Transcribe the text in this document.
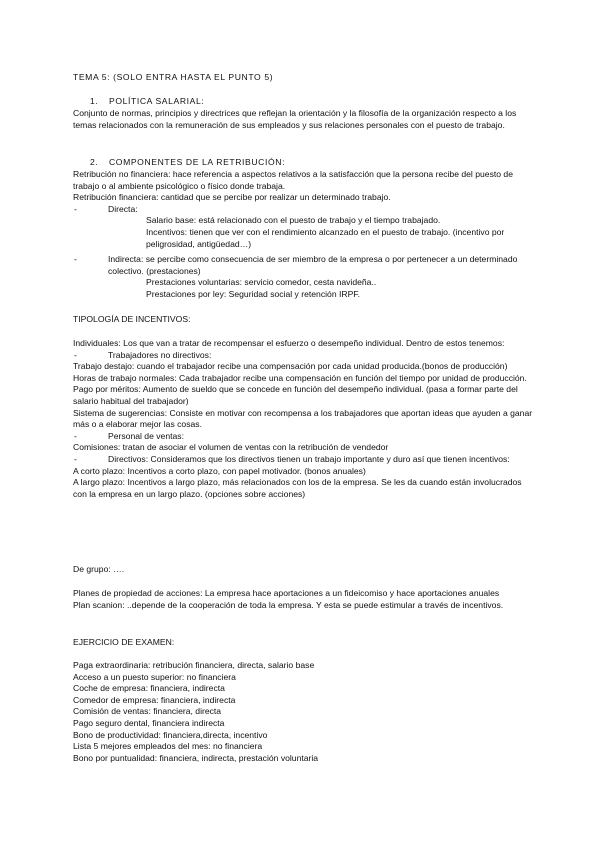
TEMA 5: (SOLO ENTRA HASTA EL PUNTO 5)
1. POLÍTICA SALARIAL:
Conjunto de normas, principios y directrices que reflejan la orientación y la filosofía de la organización respecto a los temas relacionados con la remuneración de sus empleados y sus relaciones personales con el puesto de trabajo.
2. COMPONENTES DE LA RETRIBUCIÓN:

Retribución no financiera: hace referencia a aspectos relativos a la satisfacción que la persona recibe del puesto de trabajo o al ambiente psicológico o físico donde trabaja.

Retribución financiera: cantidad que se percibe por realizar un determinado trabajo.

-	Directa:
Salario base: está relacionado con el puesto de trabajo y el tiempo trabajado.
Incentivos: tienen que ver con el rendimiento alcanzado en el puesto de trabajo. (incentivo por peligrosidad, antigüedad…)
-	Indirecta: se percibe como consecuencia de ser miembro de la empresa o por pertenecer a un determinado colectivo. (prestaciones)
Prestaciones voluntarias: servicio comedor, cesta navideña..
Prestaciones por ley: Seguridad social y retención IRPF.
TIPOLOGÍA DE INCENTIVOS:

Individuales: Los que van a tratar de recompensar el esfuerzo o desempeño individual. Dentro de estos tenemos:

-	Trabajadores no directivos:

Trabajo destajo: cuando el trabajador recibe una compensación por cada unidad producida.(bonos de producción)

Horas de trabajo normales: Cada trabajador recibe una compensación en función del tiempo por unidad de producción.

Pago por méritos: Aumento de sueldo que se concede en función del desempeño individual. (pasa a formar parte del salario habitual del trabajador)

Sistema de sugerencias: Consiste en motivar con recompensa a los trabajadores que aportan ideas que ayuden a ganar más o a elaborar mejor las cosas.

-	Personal de ventas:

Comisiones: tratan de asociar el volumen de ventas con la retribución de vendedor

-	Directivos: Consideramos que los directivos tienen un trabajo importante y duro así que tienen incentivos:

A corto plazo: Incentivos a corto plazo, con papel motivador. (bonos anuales)

A largo plazo: Incentivos a largo plazo, más relacionados con los de la empresa. Se les da cuando están involucrados con la empresa en un largo plazo. (opciones sobre acciones)

De grupo: ….

Planes de propiedad de acciones: La empresa hace aportaciones a un fideicomiso y hace aportaciones anuales

Plan scanion: ..depende de la cooperación de toda la empresa. Y esta se puede estimular a través de incentivos.

EJERCICIO DE EXAMEN:
Paga extraordinaria: retribución financiera, directa, salario base
Acceso a un puesto superior: no financiera
Coche de empresa: financiera, indirecta
Comedor de empresa: financiera, indirecta
Comisión de ventas: financiera, directa
Pago seguro dental, financiera indirecta
Bono de productividad: financiera,directa, incentivo
Lista 5 mejores empleados del mes: no financiera
Bono por puntualidad: financiera, indirecta, prestación voluntaria
